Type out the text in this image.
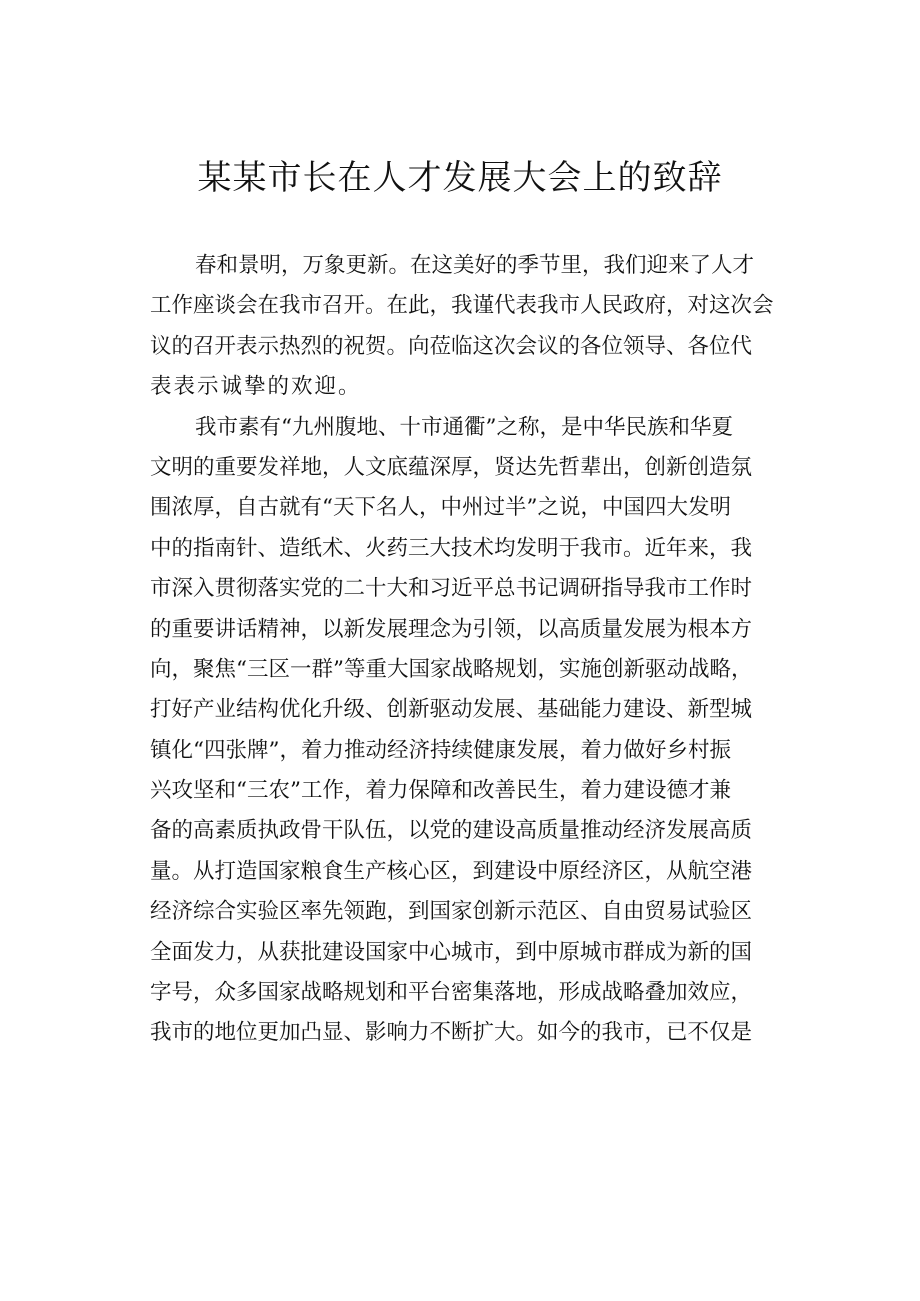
某某市长在人才发展大会上的致辞
春和景明，万象更新。在这美好的季节里，我们迎来了人才
工作座谈会在我市召开。在此，我谨代表我市人民政府，对这次会
议的召开表示热烈的祝贺。向莅临这次会议的各位领导、各位代
表表示诚挚的欢迎。
我市素有“九州腹地、十市通衢”之称，是中华民族和华夏
文明的重要发祥地，人文底蕴深厚，贤达先哲辈出，创新创造氛
围浓厚，自古就有“天下名人，中州过半”之说，中国四大发明
中的指南针、造纸术、火药三大技术均发明于我市。近年来，我
市深入贯彻落实党的二十大和习近平总书记调研指导我市工作时
的重要讲话精神，以新发展理念为引领，以高质量发展为根本方
向，聚焦“三区一群”等重大国家战略规划，实施创新驱动战略，
打好产业结构优化升级、创新驱动发展、基础能力建设、新型城
镇化“四张牌”，着力推动经济持续健康发展，着力做好乡村振
兴攻坚和“三农”工作，着力保障和改善民生，着力建设德才兼
备的高素质执政骨干队伍，以党的建设高质量推动经济发展高质
量。从打造国家粮食生产核心区，到建设中原经济区，从航空港
经济综合实验区率先领跑，到国家创新示范区、自由贸易试验区
全面发力，从获批建设国家中心城市，到中原城市群成为新的国
字号，众多国家战略规划和平台密集落地，形成战略叠加效应，
我市的地位更加凸显、影响力不断扩大。如今的我市，已不仅是
